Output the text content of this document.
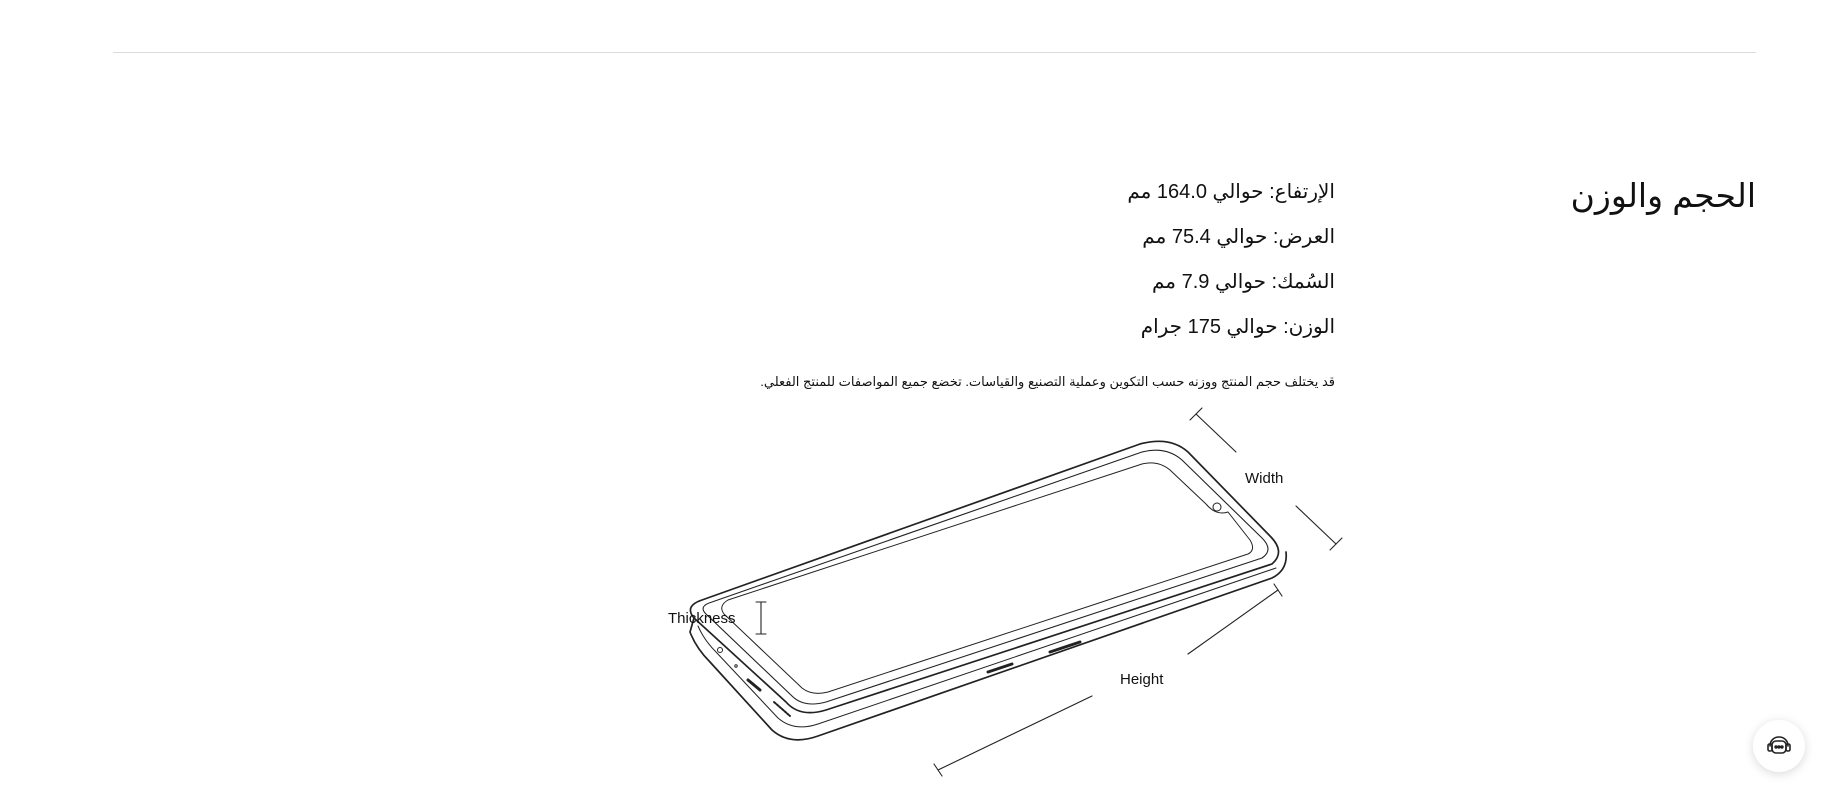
الحجم والوزن
الإرتفاع: حوالي 164.0 مم
العرض: حوالي 75.4 مم
السُمك: حوالي 7.9 مم
الوزن: حوالي 175 جرام
قد يختلف حجم المنتج ووزنه حسب التكوين وعملية التصنيع والقياسات. تخضع جميع المواصفات للمنتج الفعلي.
Width
Height
Thickness
